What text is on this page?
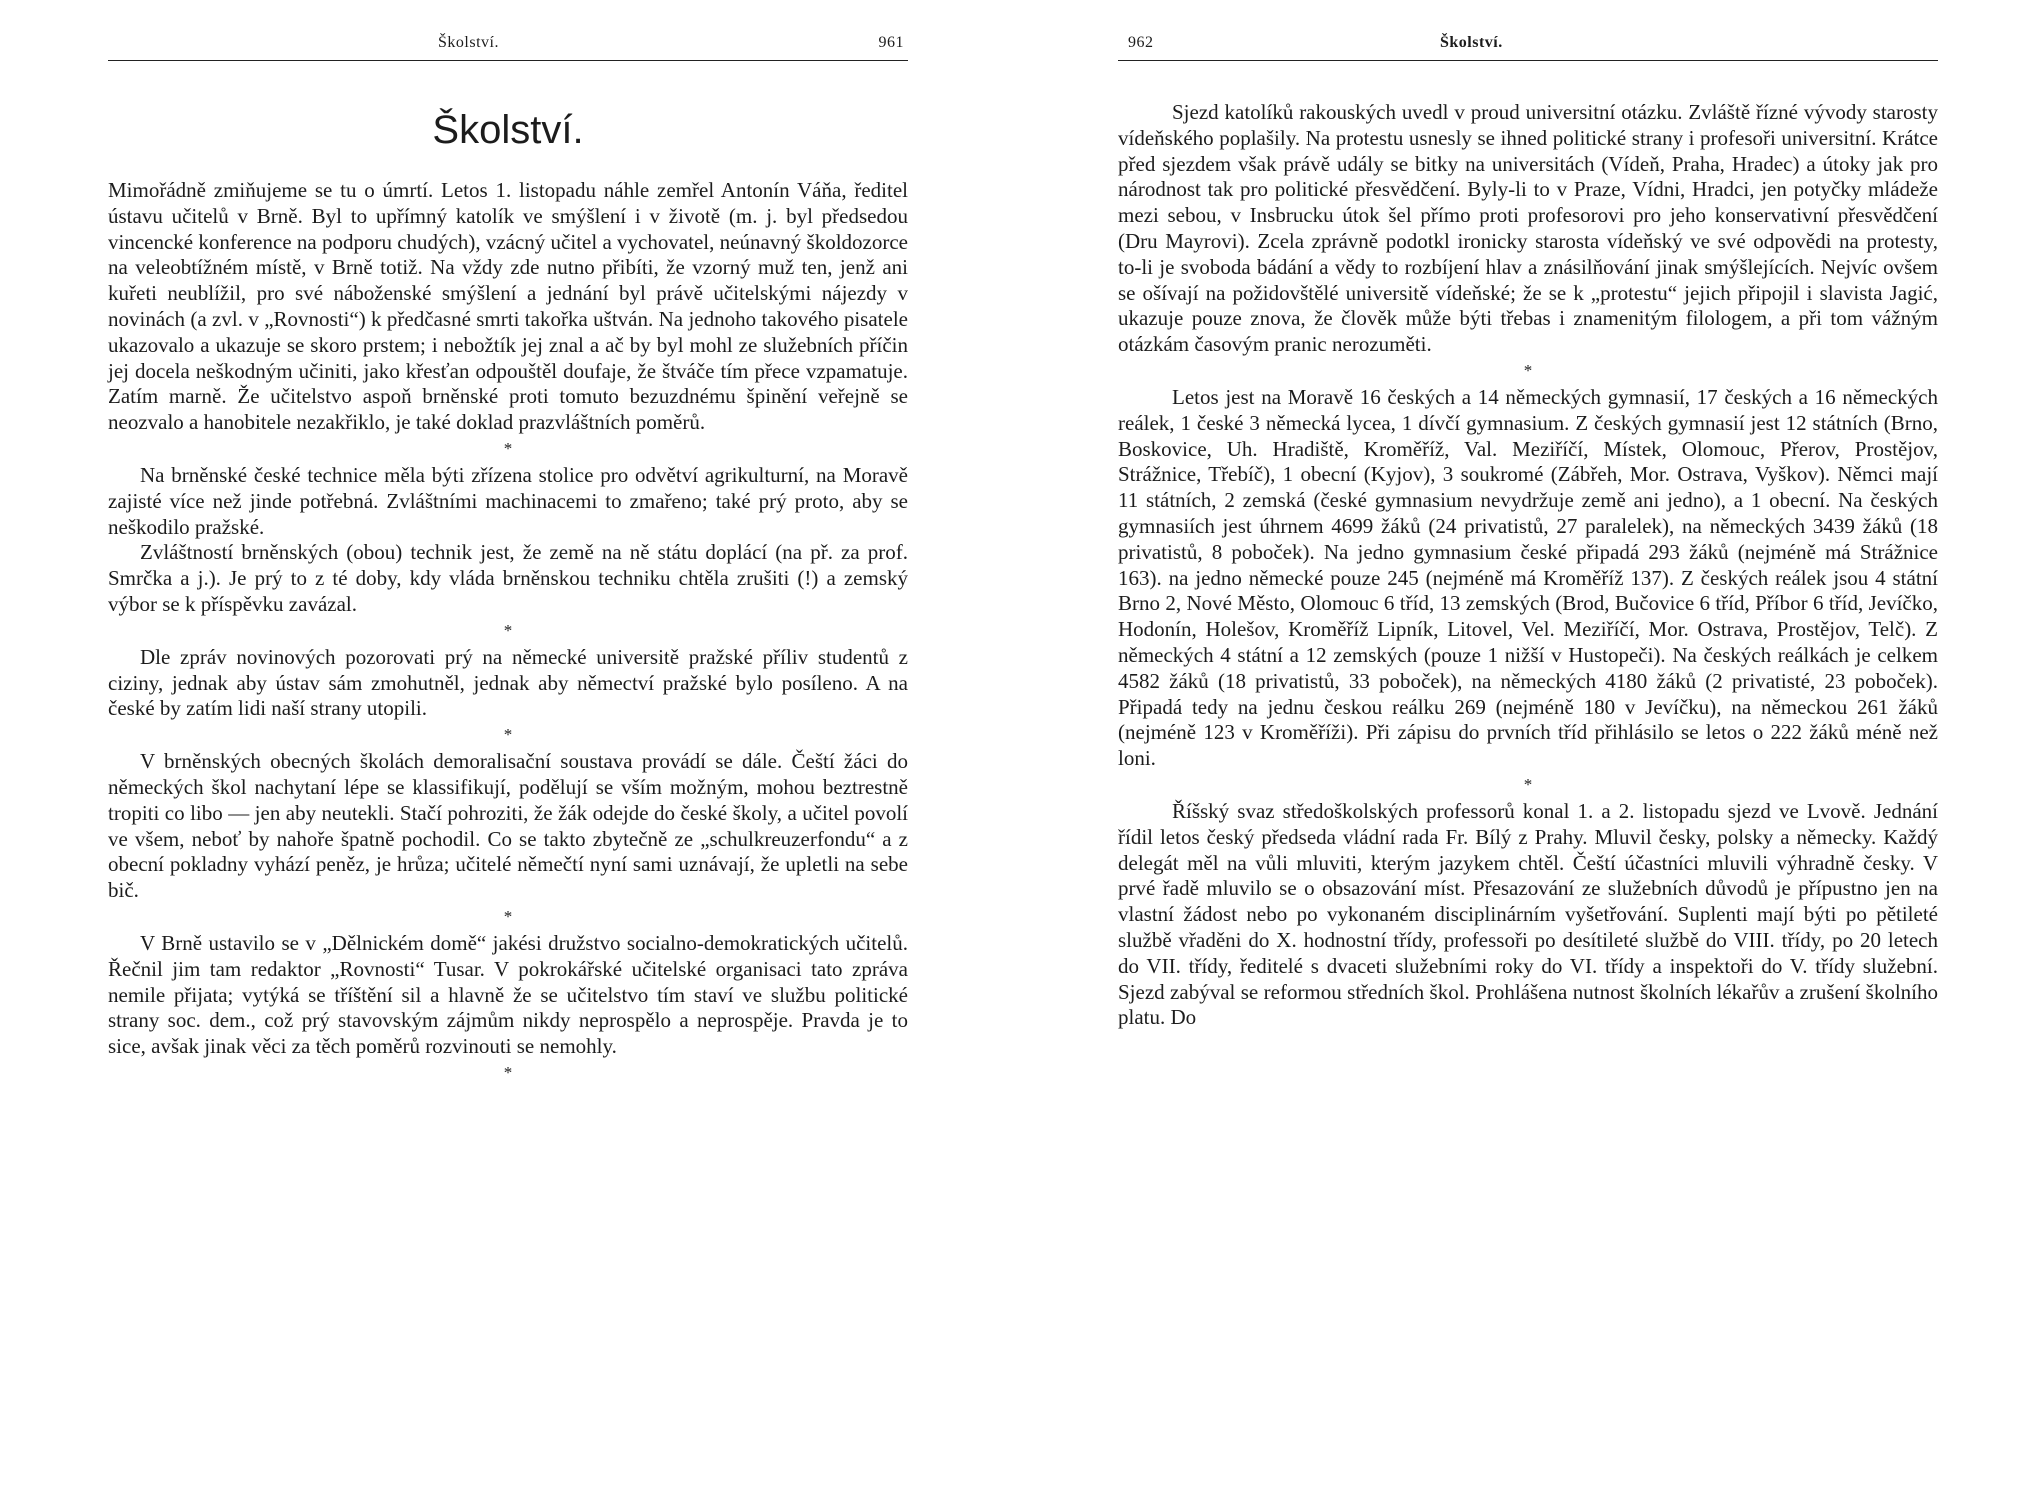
Školství.	961
Školství.

Mimořádně zmiňujeme se tu o úmrtí. Letos 1. listopadu náhle zemřel Antonín Váňa, ředitel ústavu učitelů v Brně. Byl to upřímný katolík ve smýšlení i v životě (m. j. byl předsedou vincencké konference na podporu chudých), vzácný učitel a vychovatel, neúnavný školdozorce na veleobtížném místě, v Brně totiž. Na vždy zde nutno přibíti, že vzorný muž ten, jenž ani kuřeti neublížil, pro své náboženské smýšlení a jednání byl právě učitelskými nájezdy v novinách (a zvl. v „Rovnosti“) k předčasné smrti takořka uštván. Na jednoho takového pisatele ukazovalo a ukazuje se skoro prstem; i nebožtík jej znal a ač by byl mohl ze služebních příčin jej docela neškodným učiniti, jako křesťan odpouštěl doufaje, že štváče tím přece vzpamatuje. Zatím marně. Že učitelstvo aspoň brněnské proti tomuto bezuzdnému špinění veřejně se neozvalo a hanobitele nezakřiklo, je také doklad prazvláštních poměrů.

*

Na brněnské české technice měla býti zřízena stolice pro odvětví agrikulturní, na Moravě zajisté více než jinde potřebná. Zvláštními machinacemi to zmařeno; také prý proto, aby se neškodilo pražské.

Zvláštností brněnských (obou) technik jest, že země na ně státu doplácí (na př. za prof. Smrčka a j.). Je prý to z té doby, kdy vláda brněnskou techniku chtěla zrušiti (!) a zemský výbor se k příspěvku zavázal.

*

Dle zpráv novinových pozorovati prý na německé universitě pražské příliv studentů z ciziny, jednak aby ústav sám zmohutněl, jednak aby němectví pražské bylo posíleno. A na české by zatím lidi naší strany utopili.

*

V brněnských obecných školách demoralisační soustava provádí se dále. Čeští žáci do německých škol nachytaní lépe se klassifikují, podělují se vším možným, mohou beztrestně tropiti co libo — jen aby neutekli. Stačí pohroziti, že žák odejde do české školy, a učitel povolí ve všem, neboť by nahoře špatně pochodil. Co se takto zbytečně ze „schulkreuzerfondu“ a z obecní pokladny vyhází peněz, je hrůza; učitelé němečtí nyní sami uznávají, že upletli na sebe bič.

*

V Brně ustavilo se v „Dělnickém domě“ jakési družstvo socialno-demokratických učitelů. Řečnil jim tam redaktor „Rovnosti“ Tusar. V pokrokářské učitelské organisaci tato zpráva nemile přijata; vytýká se tříštění sil a hlavně že se učitelstvo tím staví ve službu politické strany soc. dem., což prý stavovským zájmům nikdy neprospělo a neprospěje. Pravda je to sice, avšak jinak věci za těch poměrů rozvinouti se nemohly.

*
962	Školství.

Sjezd katolíků rakouských uvedl v proud universitní otázku. Zvláště řízné vývody starosty vídeňského poplašily. Na protestu usnesly se ihned politické strany i profesoři universitní. Krátce před sjezdem však právě udály se bitky na universitách (Vídeň, Praha, Hradec) a útoky jak pro národnost tak pro politické přesvědčení. Byly-li to v Praze, Vídni, Hradci, jen potyčky mládeže mezi sebou, v Insbrucku útok šel přímo proti profesorovi pro jeho konservativní přesvědčení (Dru Mayrovi). Zcela zprávně podotkl ironicky starosta vídeňský ve své odpovědi na protesty, to-li je svoboda bádání a vědy to rozbíjení hlav a znásilňování jinak smýšlejících. Nejvíc ovšem se ošívají na požidovštělé universitě vídeňské; že se k „protestu“ jejich připojil i slavista Jagić, ukazuje pouze znova, že člověk může býti třebas i znamenitým filologem, a při tom vážným otázkám časovým pranic nerozuměti.

*

Letos jest na Moravě 16 českých a 14 německých gymnasií, 17 českých a 16 německých reálek, 1 české 3 německá lycea, 1 dívčí gymnasium. Z českých gymnasií jest 12 státních (Brno, Boskovice, Uh. Hradiště, Kroměříž, Val. Meziříčí, Místek, Olomouc, Přerov, Prostějov, Strážnice, Třebíč), 1 obecní (Kyjov), 3 soukromé (Zábřeh, Mor. Ostrava, Vyškov). Němci mají 11 státních, 2 zemská (české gymnasium nevydržuje země ani jedno), a 1 obecní. Na českých gymnasiích jest úhrnem 4699 žáků (24 privatistů, 27 paralelek), na německých 3439 žáků (18 privatistů, 8 poboček). Na jedno gymnasium české připadá 293 žáků (nejméně má Strážnice 163). na jedno německé pouze 245 (nejméně má Kroměříž 137). Z českých reálek jsou 4 státní Brno 2, Nové Město, Olomouc 6 tříd, 13 zemských (Brod, Bučovice 6 tříd, Příbor 6 tříd, Jevíčko, Hodonín, Holešov, Kroměříž Lipník, Litovel, Vel. Meziříčí, Mor. Ostrava, Prostějov, Telč). Z německých 4 státní a 12 zemských (pouze 1 nižší v Hustopeči). Na českých reálkách je celkem 4582 žáků (18 privatistů, 33 poboček), na německých 4180 žáků (2 privatisté, 23 poboček). Připadá tedy na jednu českou reálku 269 (nejméně 180 v Jevíčku), na německou 261 žáků (nejméně 123 v Kroměříži). Při zápisu do prvních tříd přihlásilo se letos o 222 žáků méně než loni.

*

Říšský svaz středoškolských professorů konal 1. a 2. listopadu sjezd ve Lvově. Jednání řídil letos český předseda vládní rada Fr. Bílý z Prahy. Mluvil česky, polsky a německy. Každý delegát měl na vůli mluviti, kterým jazykem chtěl. Čeští účastníci mluvili výhradně česky. V prvé řadě mluvilo se o obsazování míst. Přesazování ze služebních důvodů je přípustno jen na vlastní žádost nebo po vykonaném disciplinárním vyšetřování. Suplenti mají býti po pětileté službě vřaděni do X. hodnostní třídy, professoři po desítileté službě do VIII. třídy, po 20 letech do VII. třídy, ředitelé s dvaceti služebními roky do VI. třídy a inspektoři do V. třídy služební. Sjezd zabýval se reformou středních škol. Prohlášena nutnost školních lékařův a zrušení školního platu. Do
